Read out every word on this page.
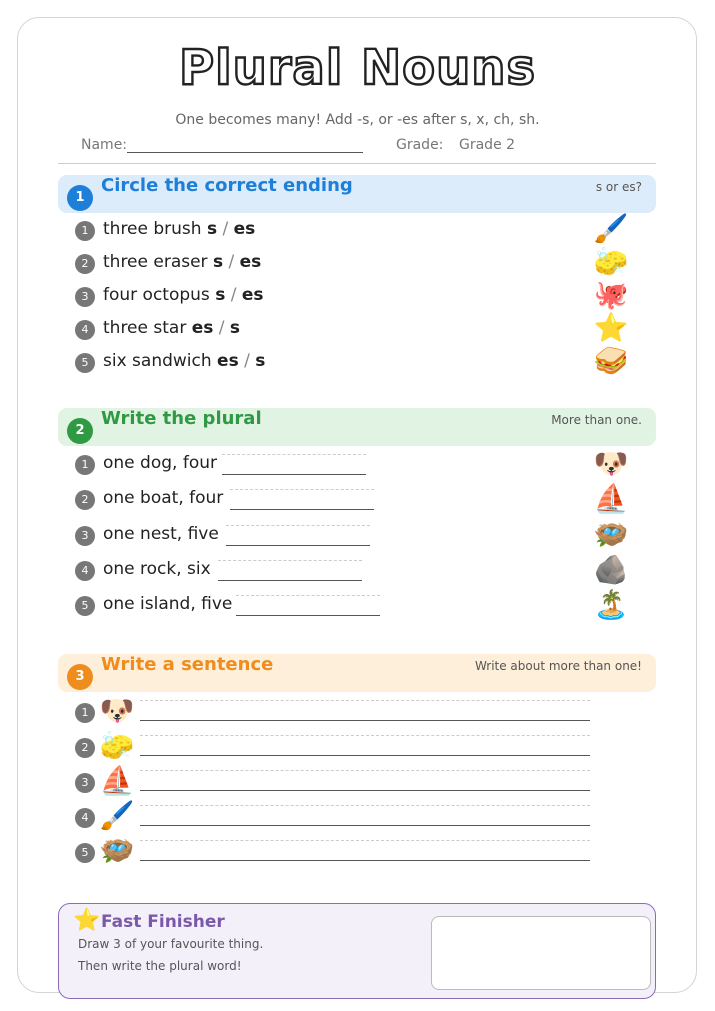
Plural Nouns
One becomes many! Add -s, or -es after s, x, ch, sh.
Name:	Grade: Grade 2
1
Circle the correct ending	s or es?
1 three brush s / es	🖌️
2 three eraser s / es	🧽
3 four octopus s / es	🐙
4 three star es / s	⭐
5 six sandwich es / s	🥪
2
Write the plural	More than one.
1 one dog, four	🐶
2 one boat, four	⛵
3 one nest, five	🪺
4 one rock, six	🪨
5 one island, five	🏝️
3
Write a sentence	Write about more than one!
1 🐶
2 🧽
3 ⛵
4 🖌️
5 🪺
⭐ Fast Finisher
Draw 3 of your favourite thing.
Then write the plural word!
